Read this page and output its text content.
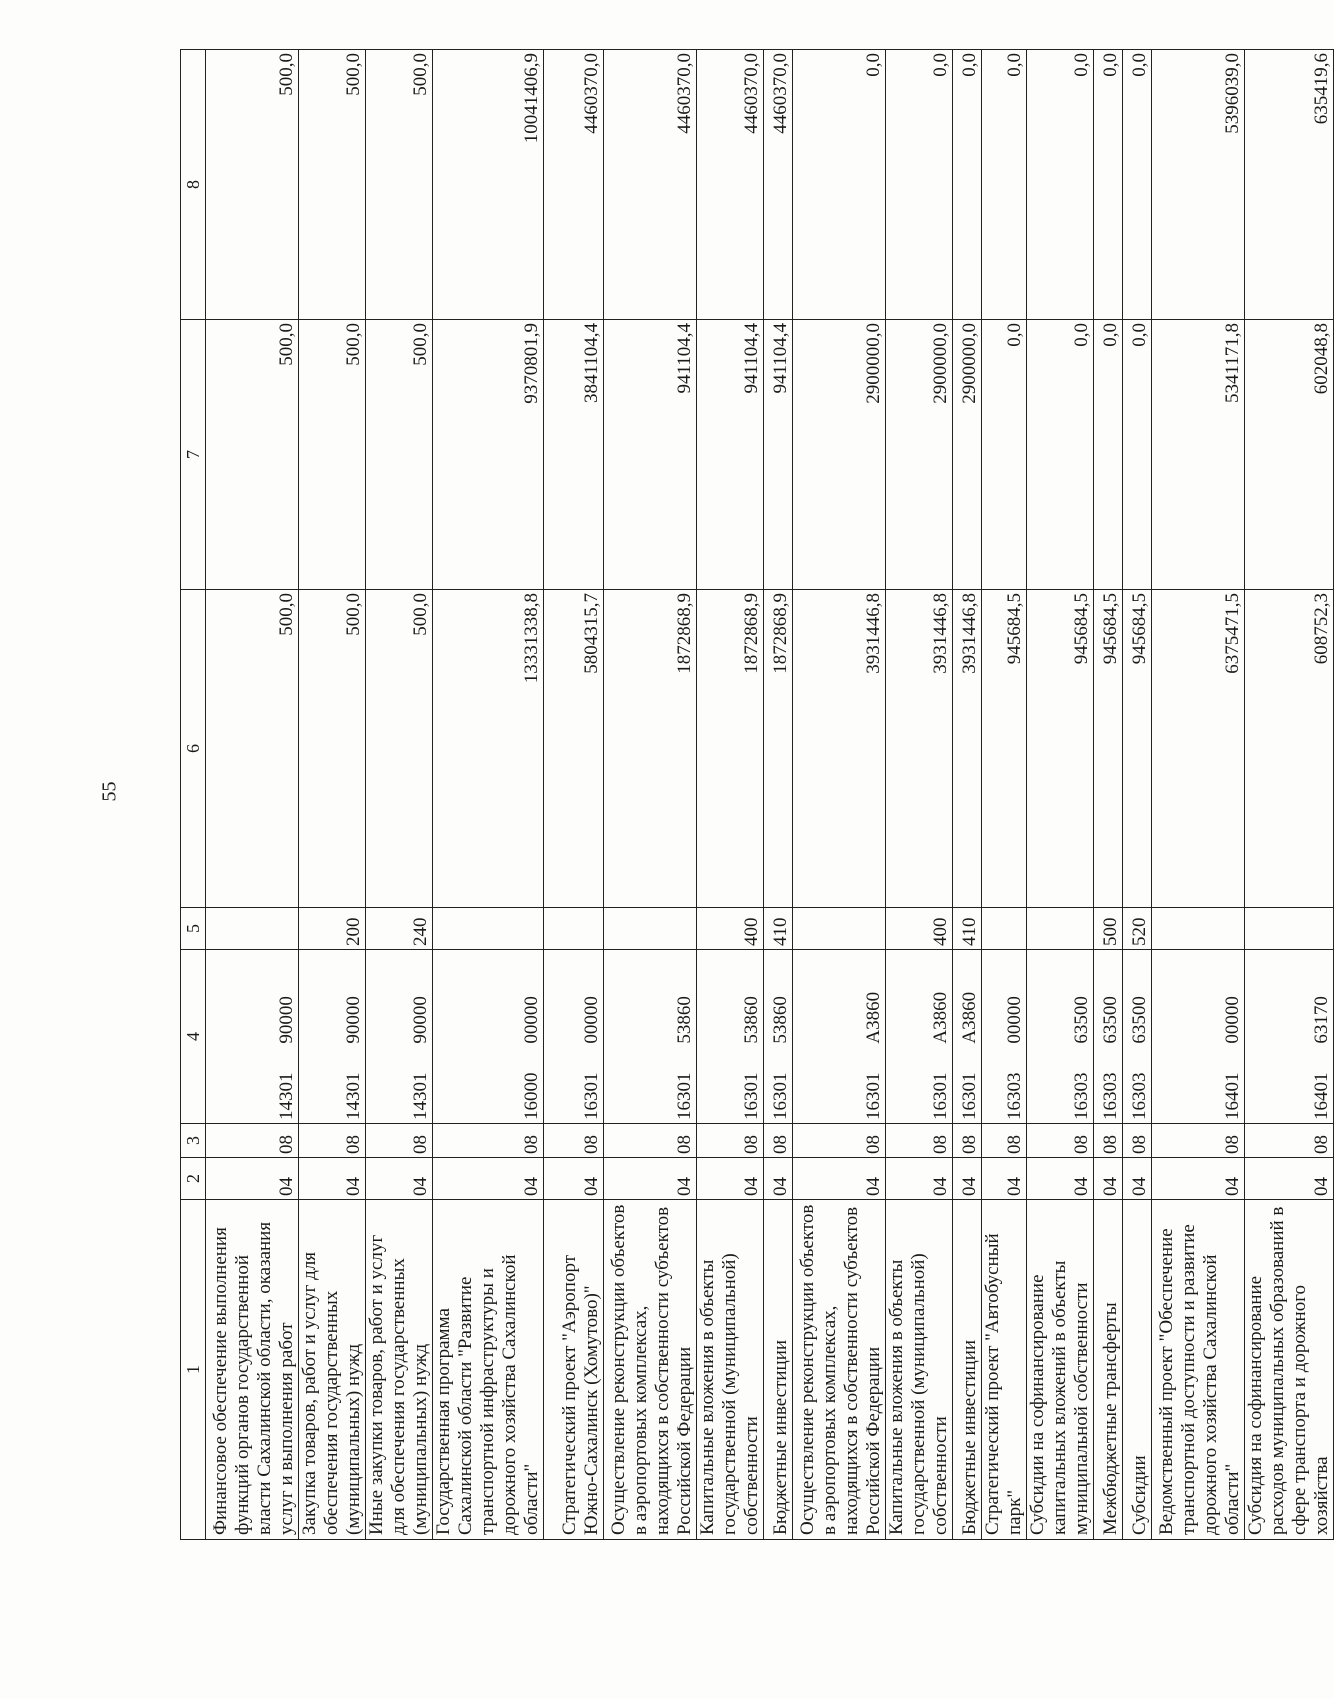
55
1	2	3	4	5	6	7	8
Финансовое обеспечение выполнения функций органов государственной власти Сахалинской области, оказания услуг и выполнения работ	04	08	1430190000		500,0	500,0	500,0
Закупка товаров, работ и услуг для обеспечения государственных (муниципальных) нужд	04	08	1430190000	200	500,0	500,0	500,0
Иные закупки товаров, работ и услуг для обеспечения государственных (муниципальных) нужд	04	08	1430190000	240	500,0	500,0	500,0
Государственная программа Сахалинской области "Развитие транспортной инфраструктуры и дорожного хозяйства Сахалинской области"	04	08	1600000000		13331338,8	9370801,9	10041406,9
Стратегический проект "Аэропорт Южно-Сахалинск (Хомутово)"	04	08	1630100000		5804315,7	3841104,4	4460370,0
Осуществление реконструкции объектов в аэропортовых комплексах, находящихся в собственности субъектов Российской Федерации	04	08	1630153860		1872868,9	941104,4	4460370,0
Капитальные вложения в объекты государственной (муниципальной) собственности	04	08	1630153860	400	1872868,9	941104,4	4460370,0
Бюджетные инвестиции	04	08	1630153860	410	1872868,9	941104,4	4460370,0
Осуществление реконструкции объектов в аэропортовых комплексах, находящихся в собственности субъектов Российской Федерации	04	08	16301А3860		3931446,8	2900000,0	0,0
Капитальные вложения в объекты государственной (муниципальной) собственности	04	08	16301А3860	400	3931446,8	2900000,0	0,0
Бюджетные инвестиции	04	08	16301А3860	410	3931446,8	2900000,0	0,0
Стратегический проект "Автобусный парк"	04	08	1630300000		945684,5	0,0	0,0
Субсидии на софинансирование капитальных вложений в объекты муниципальной собственности	04	08	1630363500		945684,5	0,0	0,0
Межбюджетные трансферты	04	08	1630363500	500	945684,5	0,0	0,0
Субсидии	04	08	1630363500	520	945684,5	0,0	0,0
Ведомственный проект "Обеспечение транспортной доступности и развитие дорожного хозяйства Сахалинской области"	04	08	1640100000		6375471,5	5341171,8	5396039,0
Субсидия на софинансирование расходов муниципальных образований в сфере транспорта и дорожного хозяйства	04	08	1640163170		608752,3	602048,8	635419,6
